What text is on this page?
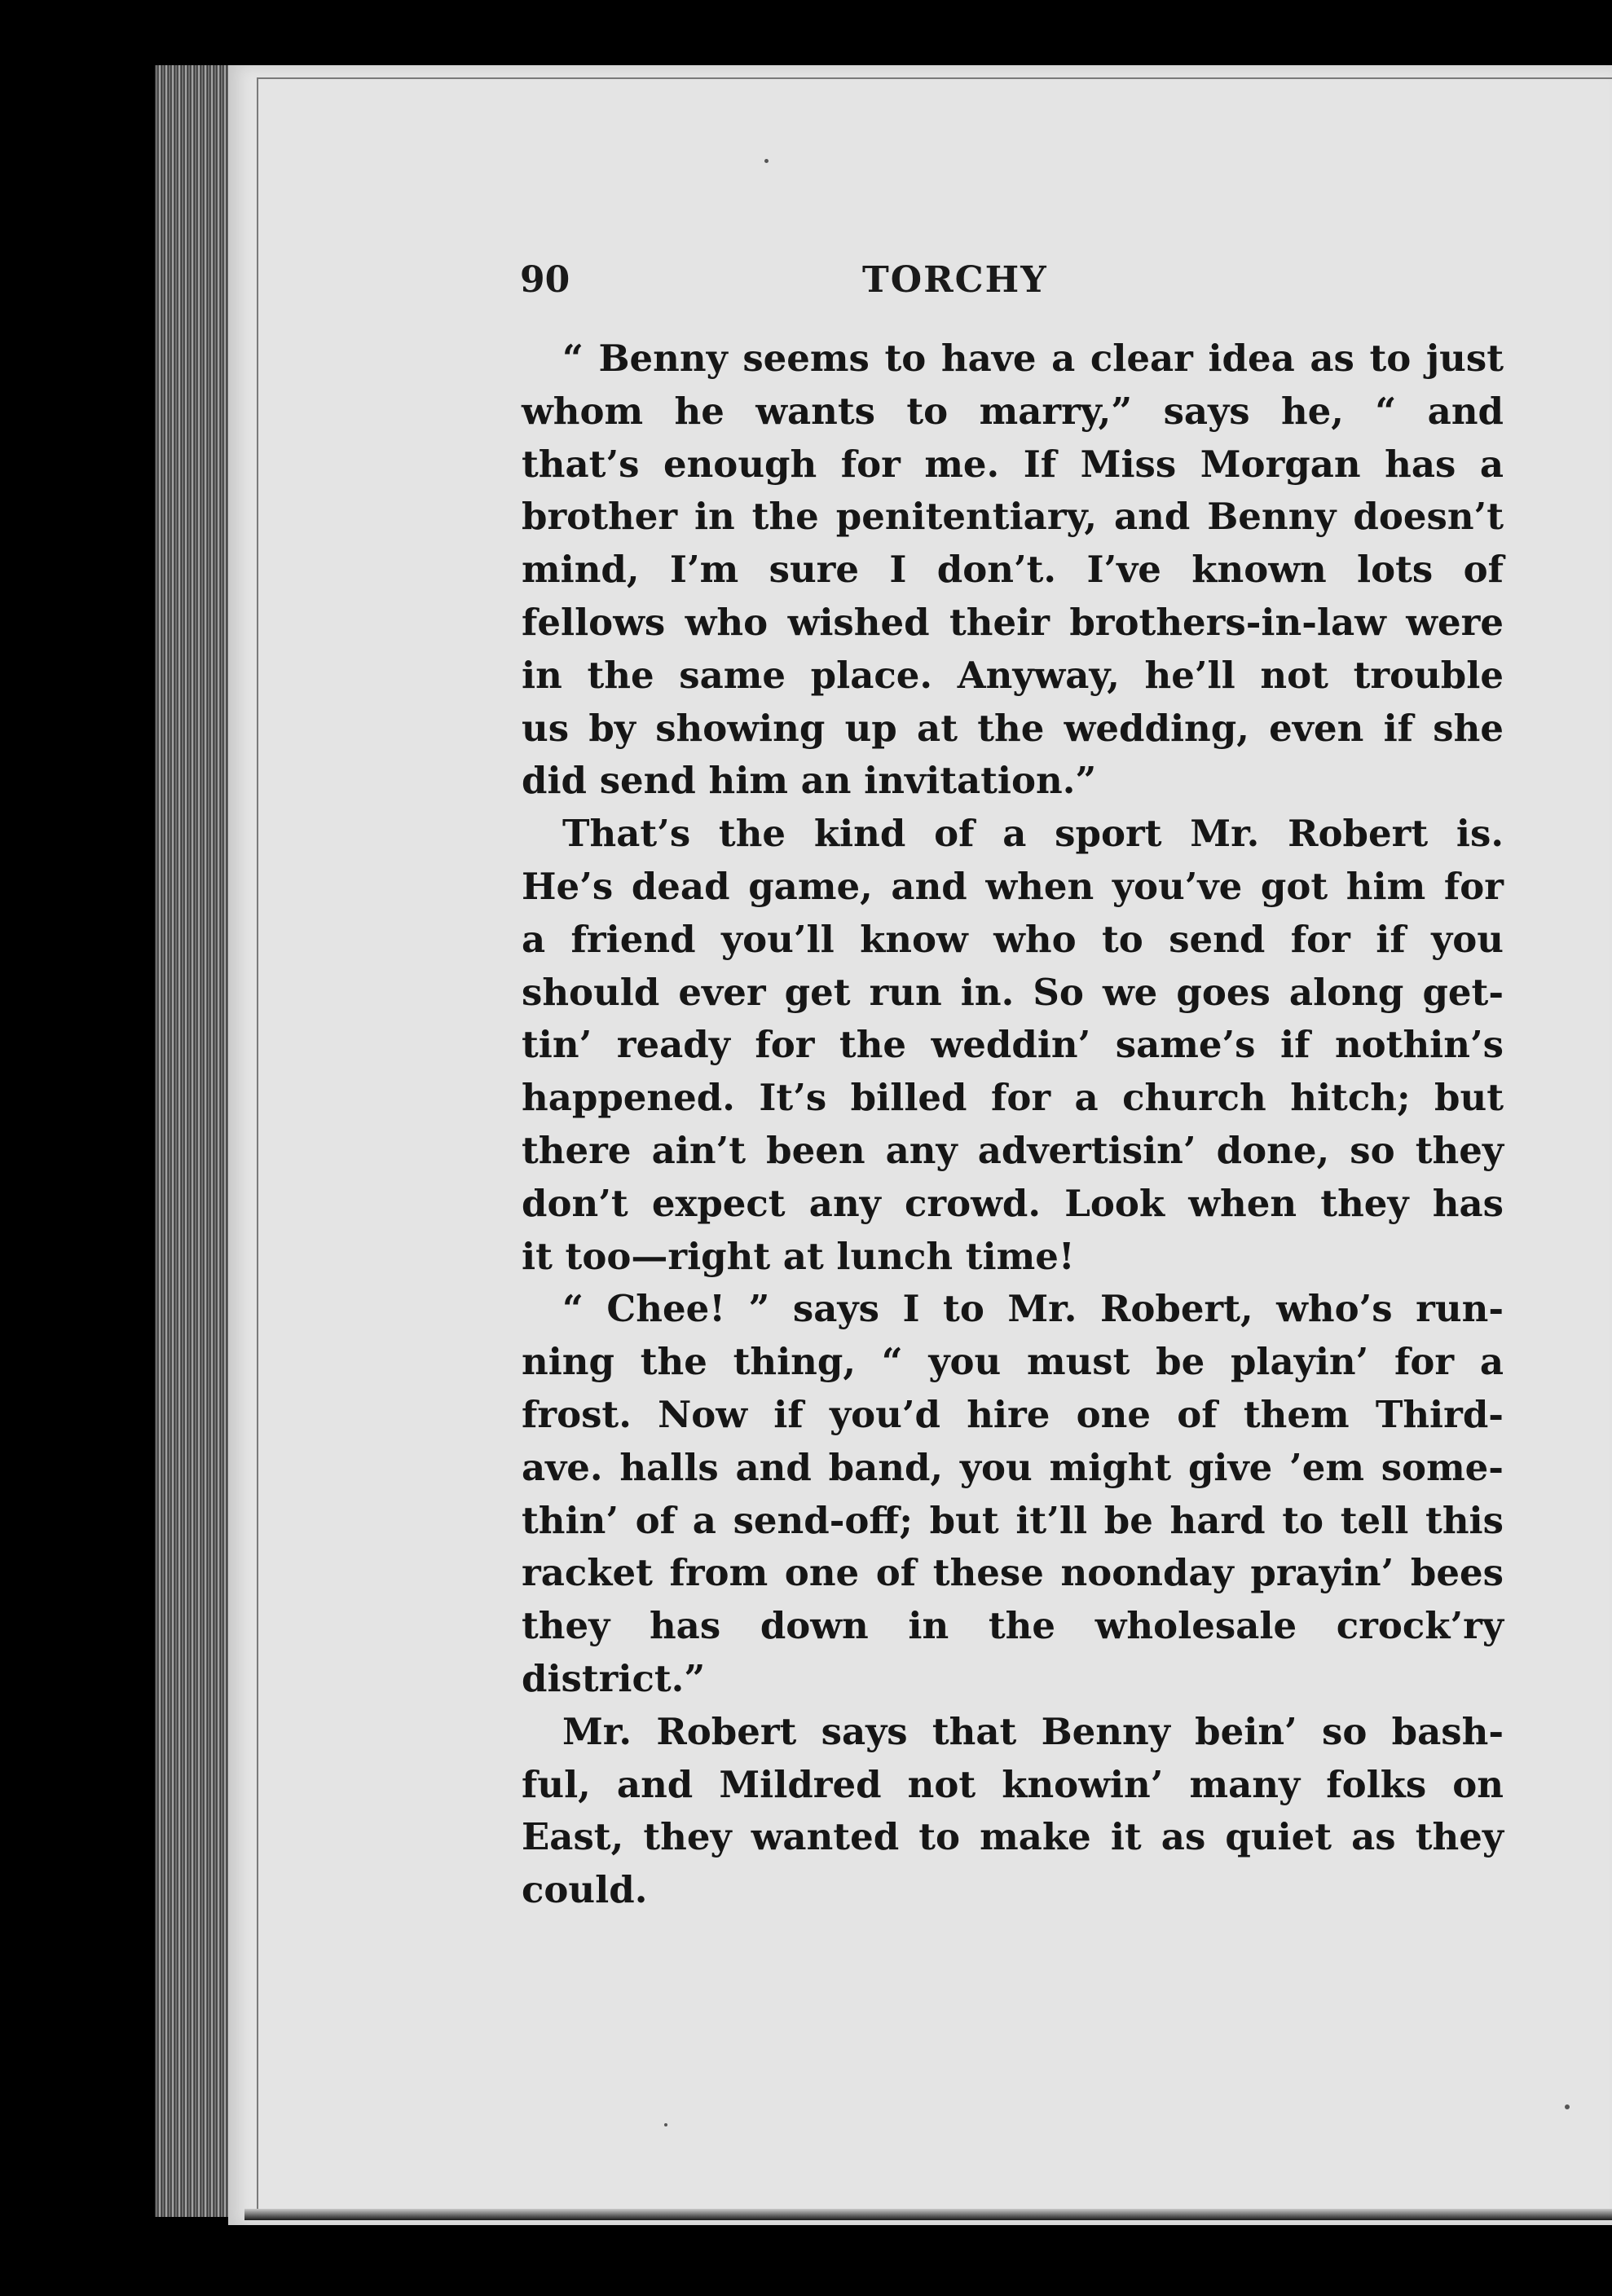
90	TORCHY
“ Benny seems to have a clear idea as to just
whom he wants to marry,” says he, “ and
that’s enough for me. If Miss Morgan has a
brother in the penitentiary, and Benny doesn’t
mind, I’m sure I don’t. I’ve known lots of
fellows who wished their brothers-in-law were
in the same place. Anyway, he’ll not trouble
us by showing up at the wedding, even if she
did send him an invitation.”
That’s the kind of a sport Mr. Robert is.
He’s dead game, and when you’ve got him for
a friend you’ll know who to send for if you
should ever get run in. So we goes along get-
tin’ ready for the weddin’ same’s if nothin’s
happened. It’s billed for a church hitch; but
there ain’t been any advertisin’ done, so they
don’t expect any crowd. Look when they has
it too—right at lunch time!
“ Chee! ” says I to Mr. Robert, who’s run-
ning the thing, “ you must be playin’ for a
frost. Now if you’d hire one of them Third-
ave. halls and band, you might give ’em some-
thin’ of a send-off; but it’ll be hard to tell this
racket from one of these noonday prayin’ bees
they has down in the wholesale crock’ry
district.”
Mr. Robert says that Benny bein’ so bash-
ful, and Mildred not knowin’ many folks on
East, they wanted to make it as quiet as they
could.
